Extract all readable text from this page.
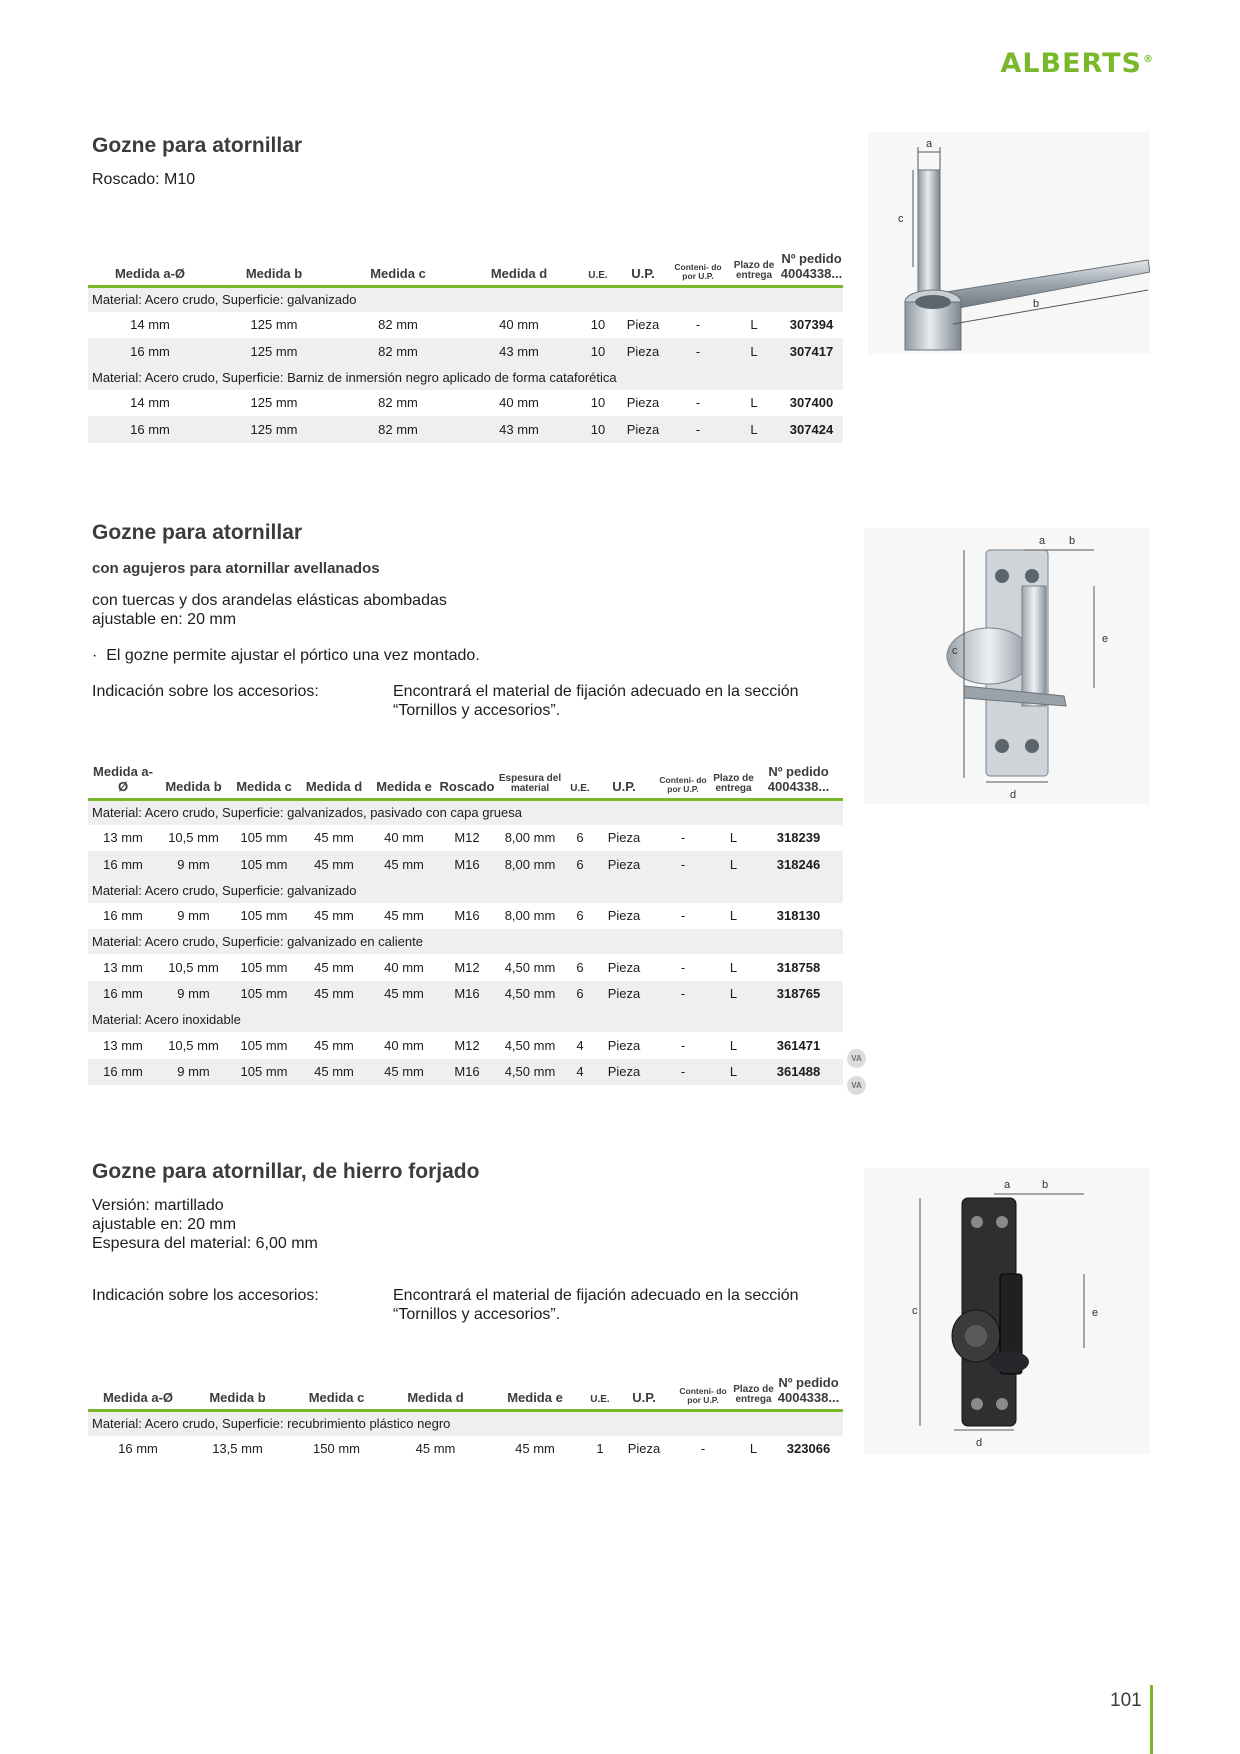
ALBERTS®
Gozne para atornillar
Roscado: M10
Medida a-Ø	Medida b	Medida c	Medida d	U.E.	U.P.	Conteni- do por U.P.	Plazo de entrega	Nº pedido 4004338...
Material: Acero crudo, Superficie: galvanizado								
14 mm	125 mm	82 mm	40 mm	10	Pieza	-	L	307394
16 mm	125 mm	82 mm	43 mm	10	Pieza	-	L	307417
Material: Acero crudo, Superficie: Barniz de inmersión negro aplicado de forma cataforética								
14 mm	125 mm	82 mm	40 mm	10	Pieza	-	L	307400
16 mm	125 mm	82 mm	43 mm	10	Pieza	-	L	307424
a
c
b
Gozne para atornillar
con agujeros para atornillar avellanados
con tuercas y dos arandelas elásticas abombadas
ajustable en: 20 mm
·  El gozne permite ajustar el pórtico una vez montado.
Indicación sobre los accesorios:	Encontrará el material de fijación adecuado en la sección “Tornillos y accesorios”.
Medida a-Ø	Medida b	Medida c	Medida d	Medida e	Roscado	Espesura del material	U.E.	U.P.	Conteni- do por U.P.	Plazo de entrega	Nº pedido 4004338...
Material: Acero crudo, Superficie: galvanizados, pasivado con capa gruesa											
13 mm	10,5 mm	105 mm	45 mm	40 mm	M12	8,00 mm	6	Pieza	-	L	318239
16 mm	9 mm	105 mm	45 mm	45 mm	M16	8,00 mm	6	Pieza	-	L	318246
Material: Acero crudo, Superficie: galvanizado											
16 mm	9 mm	105 mm	45 mm	45 mm	M16	8,00 mm	6	Pieza	-	L	318130
Material: Acero crudo, Superficie: galvanizado en caliente											
13 mm	10,5 mm	105 mm	45 mm	40 mm	M12	4,50 mm	6	Pieza	-	L	318758
16 mm	9 mm	105 mm	45 mm	45 mm	M16	4,50 mm	6	Pieza	-	L	318765
Material: Acero inoxidable											
13 mm	10,5 mm	105 mm	45 mm	40 mm	M12	4,50 mm	4	Pieza	-	L	361471
16 mm	9 mm	105 mm	45 mm	45 mm	M16	4,50 mm	4	Pieza	-	L	361488
VA
VA
c
d
a b
e
Gozne para atornillar, de hierro forjado
Versión: martillado
ajustable en: 20 mm
Espesura del material: 6,00 mm
Indicación sobre los accesorios:	Encontrará el material de fijación adecuado en la sección “Tornillos y accesorios”.
Medida a-Ø	Medida b	Medida c	Medida d	Medida e	U.E.	U.P.	Conteni- do por U.P.	Plazo de entrega	Nº pedido 4004338...
Material: Acero crudo, Superficie: recubrimiento plástico negro									
16 mm	13,5 mm	150 mm	45 mm	45 mm	1	Pieza	-	L	323066
c
d
a	b
e
101
